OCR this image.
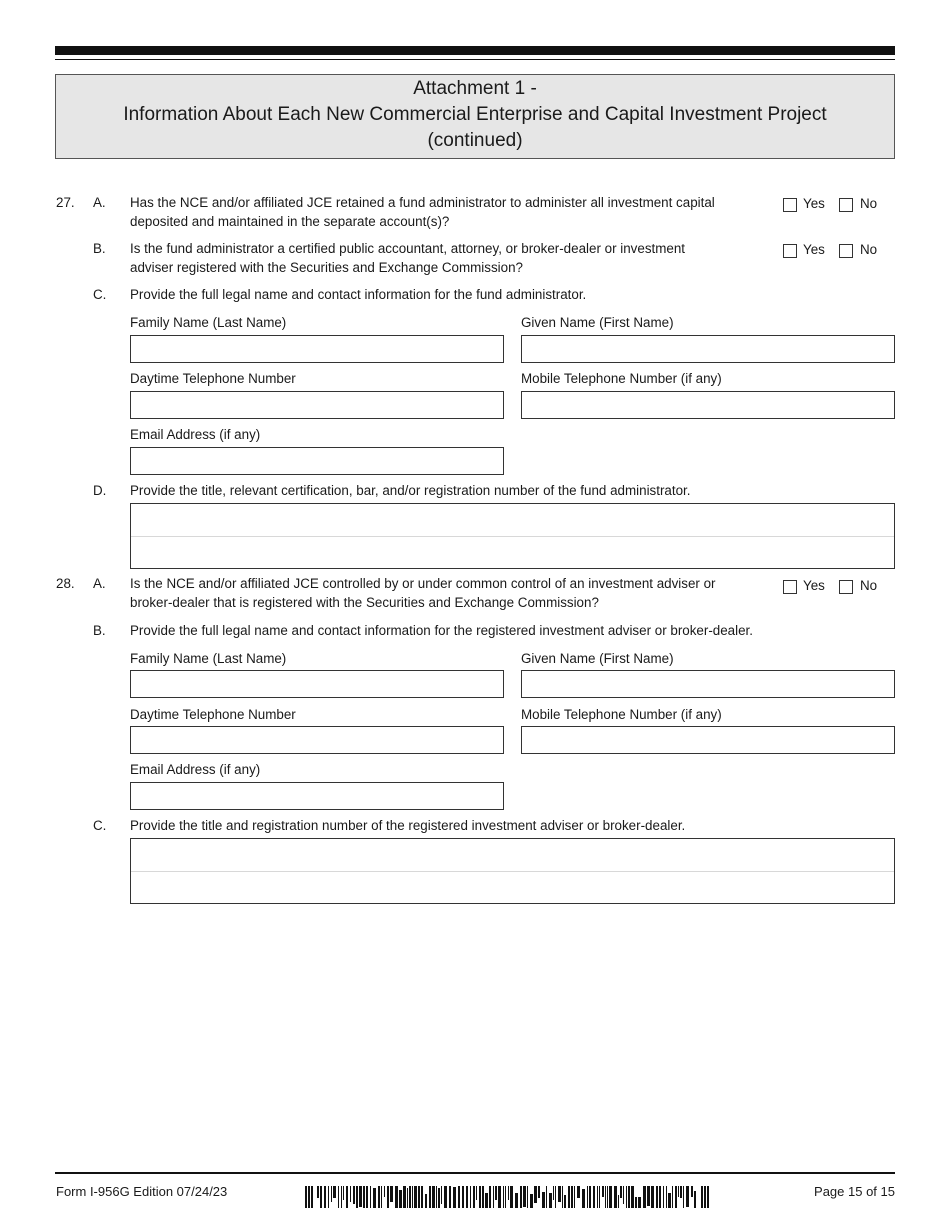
Attachment 1 -
Information About Each New Commercial Enterprise and Capital Investment Project
(continued)
27. A. Has the NCE and/or affiliated JCE retained a fund administrator to administer all investment capital
deposited and maintained in the separate account(s)?
Yes	No
B. Is the fund administrator a certified public accountant, attorney, or broker-dealer or investment
adviser registered with the Securities and Exchange Commission?
Yes	No
C. Provide the full legal name and contact information for the fund administrator.
Family Name (Last Name)	Given Name (First Name)
Daytime Telephone Number	Mobile Telephone Number (if any)
Email Address (if any)
D. Provide the title, relevant certification, bar, and/or registration number of the fund administrator.
28. A. Is the NCE and/or affiliated JCE controlled by or under common control of an investment adviser or
broker-dealer that is registered with the Securities and Exchange Commission?
Yes	No
B. Provide the full legal name and contact information for the registered investment adviser or broker-dealer.
Family Name (Last Name)	Given Name (First Name)
Daytime Telephone Number	Mobile Telephone Number (if any)
Email Address (if any)
C. Provide the title and registration number of the registered investment adviser or broker-dealer.
Form I-956G Edition 07/24/23	Page 15 of 15
